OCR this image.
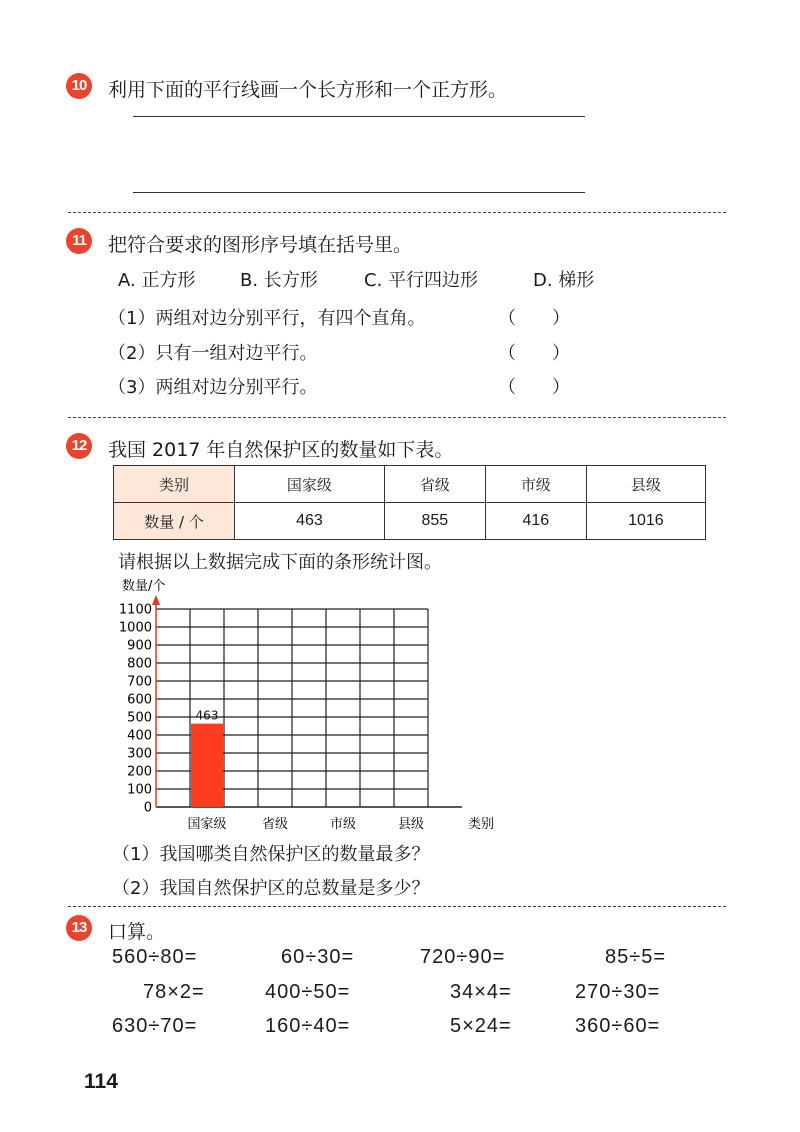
10 利用下面的平行线画一个长方形和一个正方形。
11	把符合要求的图形序号填在括号里。
A. 正方形 B. 长方形	C. 平行四边形	D. 梯形
（1）两组对边分别平行，有四个直角。	（　　）
（2）只有一组对边平行。	（　　）
（3）两组对边分别平行。	（　　）
12 我国 2017 年自然保护区的数量如下表。
类别	国家级	省级	市级	县级
数量 / 个	463	855	416	1016
请根据以上数据完成下面的条形统计图。
0
100
200
300
400
500
600
700
800
900
1000
1100
463
国家级	省级	市级	县级
数量/个
类别
（1）我国哪类自然保护区的数量最多？
（2）我国自然保护区的总数量是多少？
13 口算。
560÷80=	60÷30=	720÷90=	85÷5=
78×2=	400÷50=	34×4=	270÷30=
630÷70=	160÷40=	5×24=	360÷60=
114
